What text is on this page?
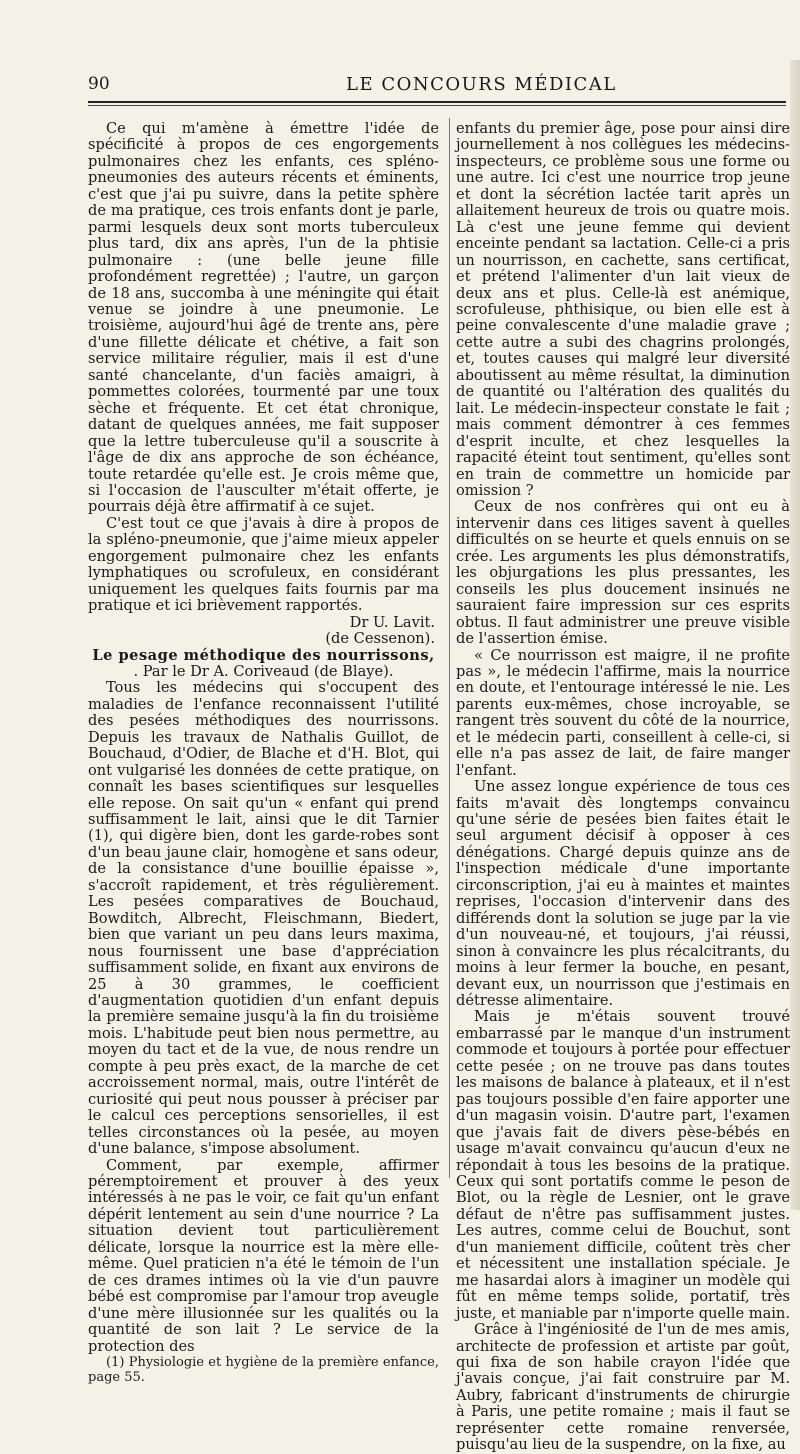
90	LE CONCOURS MÉDICAL

Ce qui m'amène à émettre l'idée de spécificité à propos de ces engorgements pulmonaires chez les enfants, ces spléno-pneumonies des auteurs récents et éminents, c'est que j'ai pu suivre, dans la petite sphère de ma pratique, ces trois enfants dont je parle, parmi lesquels deux sont morts tuberculeux plus tard, dix ans après, l'un de la phtisie pulmonaire : (une belle jeune fille profondément regrettée) ; l'autre, un garçon de 18 ans, succomba à une méningite qui était venue se joindre à une pneumonie. Le troisième, aujourd'hui âgé de trente ans, père d'une fillette délicate et chétive, a fait son service militaire régulier, mais il est d'une santé chancelante, d'un faciès amaigri, à pommettes colorées, tourmenté par une toux sèche et fréquente. Et cet état chronique, datant de quelques années, me fait supposer que la lettre tuberculeuse qu'il a souscrite à l'âge de dix ans approche de son échéance, toute retardée qu'elle est. Je crois même que, si l'occasion de l'ausculter m'était offerte, je pourrais déjà être affirmatif à ce sujet.

C'est tout ce que j'avais à dire à propos de la spléno-pneumonie, que j'aime mieux appeler engorgement pulmonaire chez les enfants lymphatiques ou scrofuleux, en considérant uniquement les quelques faits fournis par ma pratique et ici brièvement rapportés.

Dr U. Lavit.

(de Cessenon).

Le pesage méthodique des nourrissons,

. Par le Dr A. Coriveaud (de Blaye).

Tous les médecins qui s'occupent des maladies de l'enfance reconnaissent l'utilité des pesées méthodiques des nourrissons. Depuis les travaux de Nathalis Guillot, de Bouchaud, d'Odier, de Blache et d'H. Blot, qui ont vulgarisé les données de cette pratique, on connaît les bases scientifiques sur lesquelles elle repose. On sait qu'un « enfant qui prend suffisamment le lait, ainsi que le dit Tarnier (1), qui digère bien, dont les garde-robes sont d'un beau jaune clair, homogène et sans odeur, de la consistance d'une bouillie épaisse », s'accroît rapidement, et très régulièrement. Les pesées comparatives de Bouchaud, Bowditch, Albrecht, Fleischmann, Biedert, bien que variant un peu dans leurs maxima, nous fournissent une base d'appréciation suffisamment solide, en fixant aux environs de 25 à 30 grammes, le coefficient d'augmentation quotidien d'un enfant depuis la première semaine jusqu'à la fin du troisième mois. L'habitude peut bien nous permettre, au moyen du tact et de la vue, de nous rendre un compte à peu près exact, de la marche de cet accroissement normal, mais, outre l'intérêt de curiosité qui peut nous pousser à préciser par le calcul ces perceptions sensorielles, il est telles circonstances où la pesée, au moyen d'une balance, s'impose absolument.

Comment, par exemple, affirmer péremptoirement et prouver à des yeux intéressés à ne pas le voir, ce fait qu'un enfant dépérit lentement au sein d'une nourrice ? La situation devient tout particulièrement délicate, lorsque la nourrice est la mère elle-même. Quel praticien n'a été le témoin de l'un de ces drames intimes où la vie d'un pauvre bébé est compromise par l'amour trop aveugle d'une mère illusionnée sur les qualités ou la quantité de son lait ? Le service de la protection des

(1) Physiologie et hygiène de la première enfance, page 55.

enfants du premier âge, pose pour ainsi dire journellement à nos collègues les médecins-inspecteurs, ce problème sous une forme ou une autre. Ici c'est une nourrice trop jeune et dont la sécrétion lactée tarit après un allaitement heureux de trois ou quatre mois. Là c'est une jeune femme qui devient enceinte pendant sa lactation. Celle-ci a pris un nourrisson, en cachette, sans certificat, et prétend l'alimenter d'un lait vieux de deux ans et plus. Celle-là est anémique, scrofuleuse, phthisique, ou bien elle est à peine convalescente d'une maladie grave ; cette autre a subi des chagrins prolongés, et, toutes causes qui malgré leur diversité aboutissent au même résultat, la diminution de quantité ou l'altération des qualités du lait. Le médecin-inspecteur constate le fait ; mais comment démontrer à ces femmes d'esprit inculte, et chez lesquelles la rapacité éteint tout sentiment, qu'elles sont en train de commettre un homicide par omission ?

Ceux de nos confrères qui ont eu à intervenir dans ces litiges savent à quelles difficultés on se heurte et quels ennuis on se crée. Les arguments les plus démonstratifs, les objurgations les plus pressantes, les conseils les plus doucement insinués ne sauraient faire impression sur ces esprits obtus. Il faut administrer une preuve visible de l'assertion émise.

« Ce nourrisson est maigre, il ne profite pas », le médecin l'affirme, mais la nourrice en doute, et l'entourage intéressé le nie. Les parents eux-mêmes, chose incroyable, se rangent très souvent du côté de la nourrice, et le médecin parti, conseillent à celle-ci, si elle n'a pas assez de lait, de faire manger l'enfant.

Une assez longue expérience de tous ces faits m'avait dès longtemps convaincu qu'une série de pesées bien faites était le seul argument décisif à opposer à ces dénégations. Chargé depuis quinze ans de l'inspection médicale d'une importante circonscription, j'ai eu à maintes et maintes reprises, l'occasion d'intervenir dans des différends dont la solution se juge par la vie d'un nouveau-né, et toujours, j'ai réussi, sinon à convaincre les plus récalcitrants, du moins à leur fermer la bouche, en pesant, devant eux, un nourrisson que j'estimais en détresse alimentaire.

Mais je m'étais souvent trouvé embarrassé par le manque d'un instrument commode et toujours à portée pour effectuer cette pesée ; on ne trouve pas dans toutes les maisons de balance à plateaux, et il n'est pas toujours possible d'en faire apporter une d'un magasin voisin. D'autre part, l'examen que j'avais fait de divers pèse-bébés en usage m'avait convaincu qu'aucun d'eux ne répondait à tous les besoins de la pratique. Ceux qui sont portatifs comme le peson de Blot, ou la règle de Lesnier, ont le grave défaut de n'être pas suffisamment justes. Les autres, comme celui de Bouchut, sont d'un maniement difficile, coûtent très cher et nécessitent une installation spéciale. Je me hasardai alors à imaginer un modèle qui fût en même temps solide, portatif, très juste, et maniable par n'importe quelle main.

Grâce à l'ingéniosité de l'un de mes amis, architecte de profession et artiste par goût, qui fixa de son habile crayon l'idée que j'avais conçue, j'ai fait construire par M. Aubry, fabricant d'instruments de chirurgie à Paris, une petite romaine ; mais il faut se représenter cette romaine renversée, puisqu'au lieu de la suspendre, on la fixe, au
